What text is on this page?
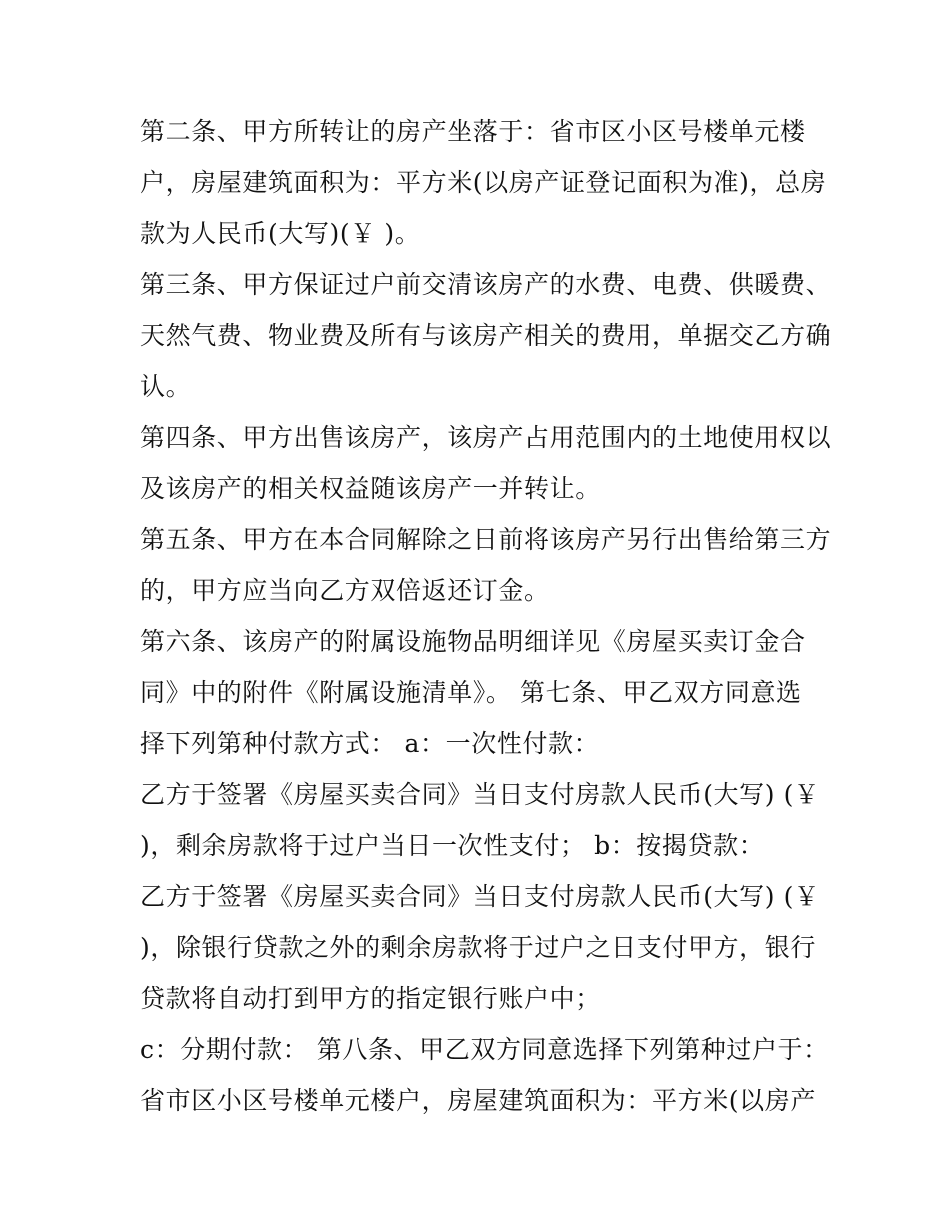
第二条、甲方所转让的房产坐落于：省市区小区号楼单元楼
户，房屋建筑面积为：平方米(以房产证登记面积为准)，总房
款为人民币(大写)(￥ )。
第三条、甲方保证过户前交清该房产的水费、电费、供暖费、
天然气费、物业费及所有与该房产相关的费用，单据交乙方确
认。
第四条、甲方出售该房产，该房产占用范围内的土地使用权以
及该房产的相关权益随该房产一并转让。
第五条、甲方在本合同解除之日前将该房产另行出售给第三方
的，甲方应当向乙方双倍返还订金。
第六条、该房产的附属设施物品明细详见《房屋买卖订金合
同》中的附件《附属设施清单》。 第七条、甲乙双方同意选
择下列第种付款方式： a：一次性付款：
乙方于签署《房屋买卖合同》当日支付房款人民币(大写) (￥
)，剩余房款将于过户当日一次性支付； b：按揭贷款：
乙方于签署《房屋买卖合同》当日支付房款人民币(大写) (￥
)，除银行贷款之外的剩余房款将于过户之日支付甲方，银行
贷款将自动打到甲方的指定银行账户中；
c：分期付款： 第八条、甲乙双方同意选择下列第种过户于：
省市区小区号楼单元楼户，房屋建筑面积为：平方米(以房产
